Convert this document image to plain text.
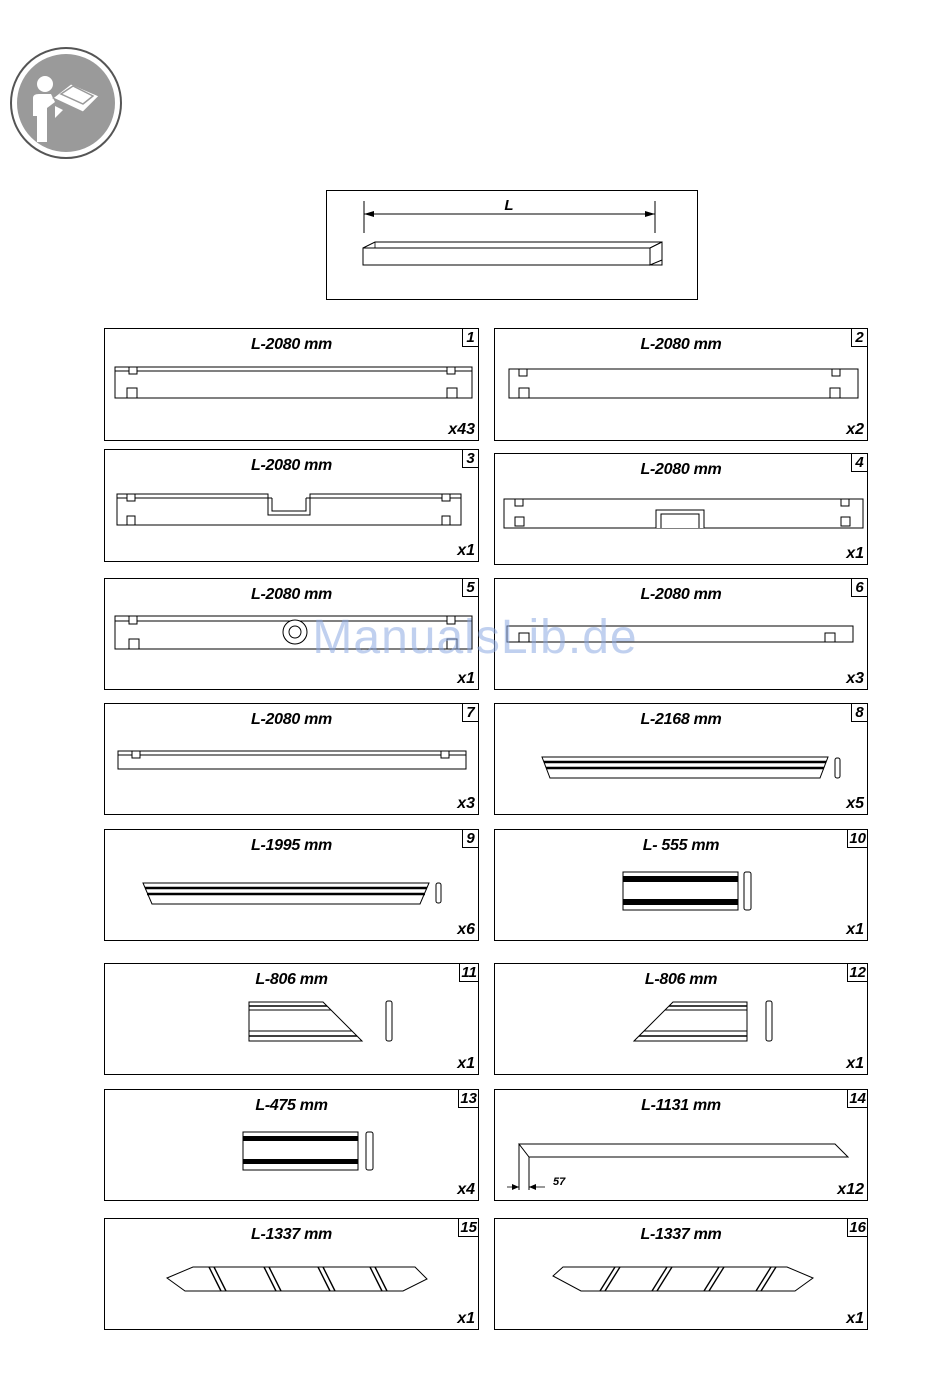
L
L-2080 mm	1
x43
L-2080 mm	2
x2
L-2080 mm	3
x1
L-2080 mm	4
x1
L-2080 mm	5
x1
L-2080 mm	6
x3
L-2080 mm	7
x3
L-2168 mm	8
x5
L-1995 mm	9
x6
L- 555 mm	10
x1
L-806 mm	11
x1
L-806 mm	12
x1
L-475 mm	13
x4
L-1131 mm	14
x12
57
L-1337 mm	15
x1
L-1337 mm	16
x1
ManualsLib.de
